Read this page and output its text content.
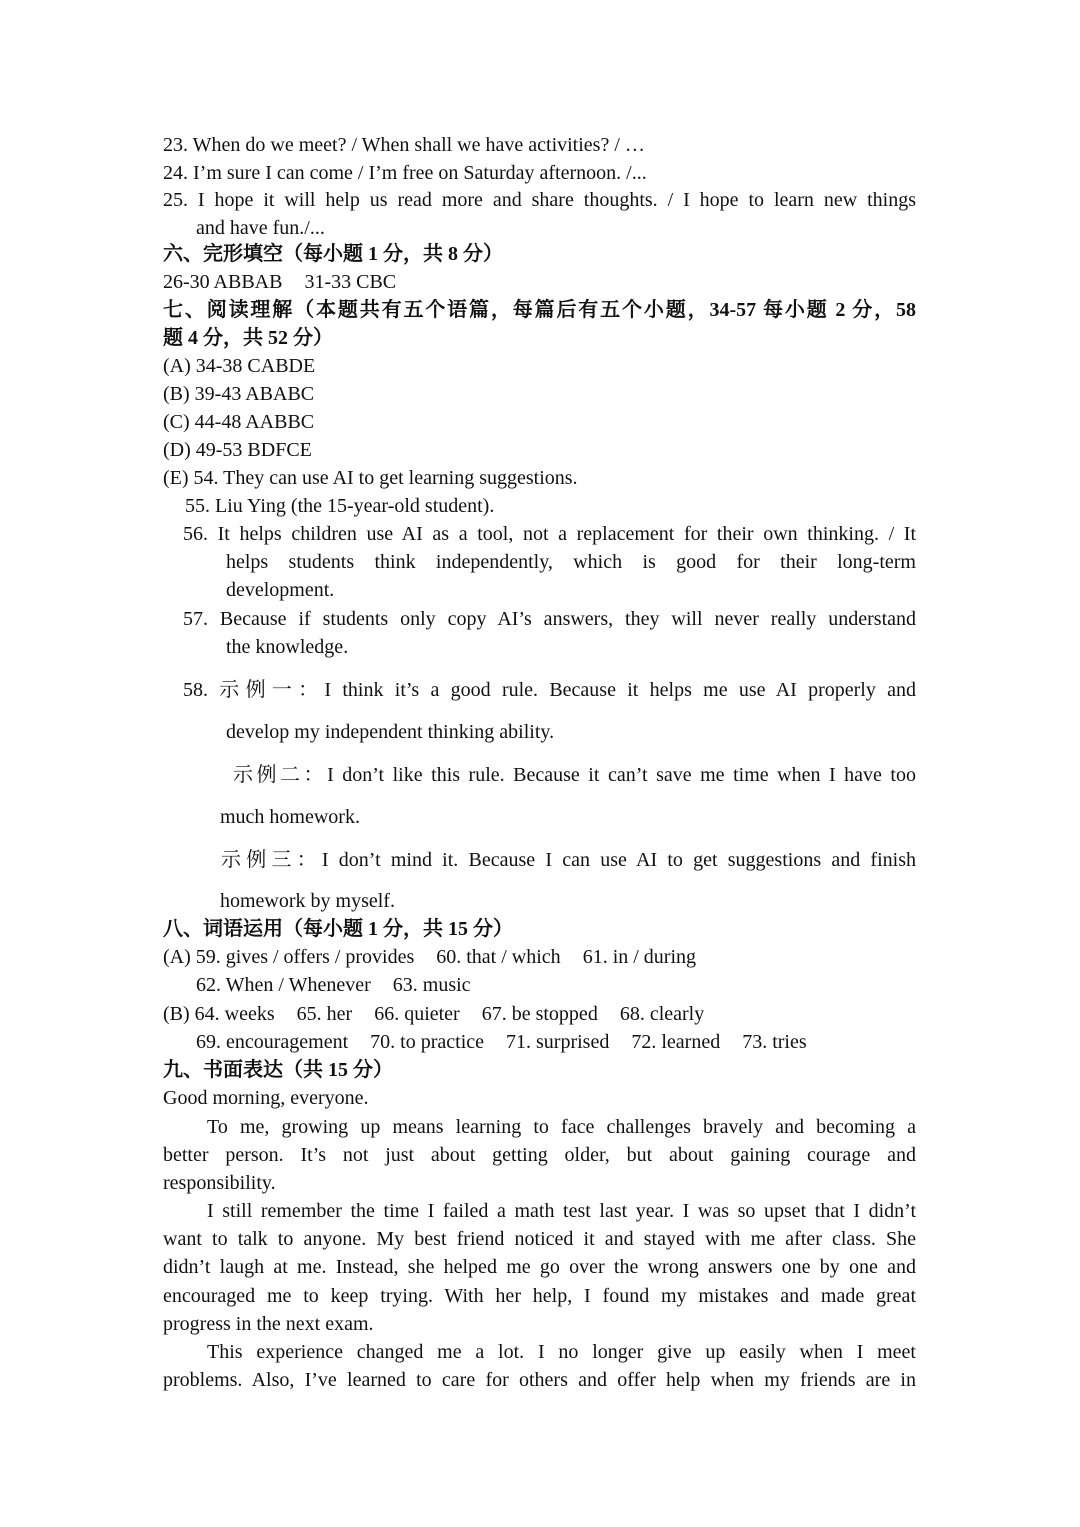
23. When do we meet? / When shall we have activities? / …

24. I’m sure I can come / I’m free on Saturday afternoon. /...

25. I hope it will help us read more and share thoughts. / I hope to learn new things

and have fun./...

六、完形填空（每小题 1 分，共 8 分）

26-30 ABBAB 31-33 CBC

七、阅读理解（本题共有五个语篇，每篇后有五个小题，34-57 每小题 2 分，58

题 4 分，共 52 分）

(A) 34-38 CABDE

(B) 39-43 ABABC

(C) 44-48 AABBC

(D) 49-53 BDFCE

(E) 54. They can use AI to get learning suggestions.

55. Liu Ying (the 15-year-old student).

56. It helps children use AI as a tool, not a replacement for their own thinking. / It

helps students think independently, which is good for their long-term

development.

57. Because if students only copy AI’s answers, they will never really understand

the knowledge.

58. 示例一：I think it’s a good rule. Because it helps me use AI properly and

develop my independent thinking ability.

示例二：I don’t like this rule. Because it can’t save me time when I have too

much homework.

示例三：I don’t mind it. Because I can use AI to get suggestions and finish

homework by myself.

八、词语运用（每小题 1 分，共 15 分）

(A) 59. gives / offers / provides 60. that / which 61. in / during

62. When / Whenever 63. music

(B) 64. weeks 65. her 66. quieter 67. be stopped 68. clearly

69. encouragement 70. to practice 71. surprised 72. learned 73. tries

九、书面表达（共 15 分）

Good morning, everyone.

To me, growing up means learning to face challenges bravely and becoming a

better person. It’s not just about getting older, but about gaining courage and

responsibility.

I still remember the time I failed a math test last year. I was so upset that I didn’t

want to talk to anyone. My best friend noticed it and stayed with me after class. She

didn’t laugh at me. Instead, she helped me go over the wrong answers one by one and

encouraged me to keep trying. With her help, I found my mistakes and made great

progress in the next exam.

This experience changed me a lot. I no longer give up easily when I meet

problems. Also, I’ve learned to care for others and offer help when my friends are in
